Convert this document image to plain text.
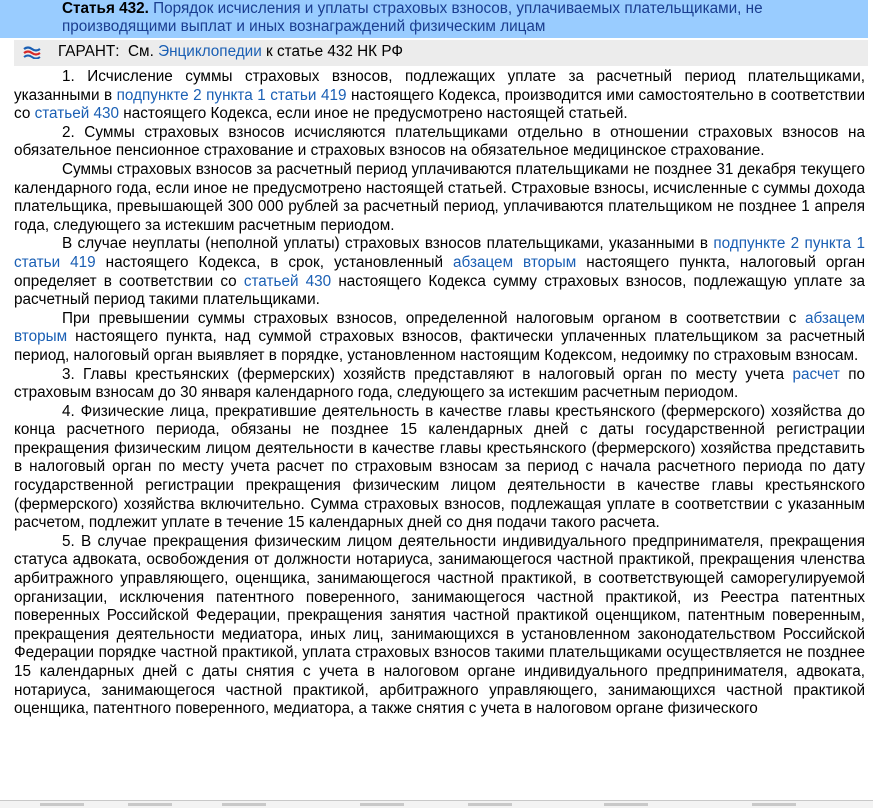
Статья 432. Порядок исчисления и уплаты страховых взносов, уплачиваемых плательщиками, не производящими выплат и иных вознаграждений физическим лицам
ГАРАНТ: См. Энциклопедии к статье 432 НК РФ

1. Исчисление суммы страховых взносов, подлежащих уплате за расчетный период плательщиками, указанными в подпункте 2 пункта 1 статьи 419 настоящего Кодекса, производится ими самостоятельно в соответствии со статьей 430 настоящего Кодекса, если иное не предусмотрено настоящей статьей.

2. Суммы страховых взносов исчисляются плательщиками отдельно в отношении страховых взносов на обязательное пенсионное страхование и страховых взносов на обязательное медицинское страхование.

Суммы страховых взносов за расчетный период уплачиваются плательщиками не позднее 31 декабря текущего календарного года, если иное не предусмотрено настоящей статьей. Страховые взносы, исчисленные с суммы дохода плательщика, превышающей 300 000 рублей за расчетный период, уплачиваются плательщиком не позднее 1 апреля года, следующего за истекшим расчетным периодом.

В случае неуплаты (неполной уплаты) страховых взносов плательщиками, указанными в подпункте 2 пункта 1 статьи 419 настоящего Кодекса, в срок, установленный абзацем вторым настоящего пункта, налоговый орган определяет в соответствии со статьей 430 настоящего Кодекса сумму страховых взносов, подлежащую уплате за расчетный период такими плательщиками.

При превышении суммы страховых взносов, определенной налоговым органом в соответствии с абзацем вторым настоящего пункта, над суммой страховых взносов, фактически уплаченных плательщиком за расчетный период, налоговый орган выявляет в порядке, установленном настоящим Кодексом, недоимку по страховым взносам.

3. Главы крестьянских (фермерских) хозяйств представляют в налоговый орган по месту учета расчет по страховым взносам до 30 января календарного года, следующего за истекшим расчетным периодом.

4. Физические лица, прекратившие деятельность в качестве главы крестьянского (фермерского) хозяйства до конца расчетного периода, обязаны не позднее 15 календарных дней с даты государственной регистрации прекращения физическим лицом деятельности в качестве главы крестьянского (фермерского) хозяйства представить в налоговый орган по месту учета расчет по страховым взносам за период с начала расчетного периода по дату государственной регистрации прекращения физическим лицом деятельности в качестве главы крестьянского (фермерского) хозяйства включительно. Сумма страховых взносов, подлежащая уплате в соответствии с указанным расчетом, подлежит уплате в течение 15 календарных дней со дня подачи такого расчета.

5. В случае прекращения физическим лицом деятельности индивидуального предпринимателя, прекращения статуса адвоката, освобождения от должности нотариуса, занимающегося частной практикой, прекращения членства арбитражного управляющего, оценщика, занимающегося частной практикой, в соответствующей саморегулируемой организации, исключения патентного поверенного, занимающегося частной практикой, из Реестра патентных поверенных Российской Федерации, прекращения занятия частной практикой оценщиком, патентным поверенным, прекращения деятельности медиатора, иных лиц, занимающихся в установленном законодательством Российской Федерации порядке частной практикой, уплата страховых взносов такими плательщиками осуществляется не позднее 15 календарных дней с даты снятия с учета в налоговом органе индивидуального предпринимателя, адвоката, нотариуса, занимающегося частной практикой, арбитражного управляющего, занимающихся частной практикой оценщика, патентного поверенного, медиатора, а также снятия с учета в налоговом органе физического
